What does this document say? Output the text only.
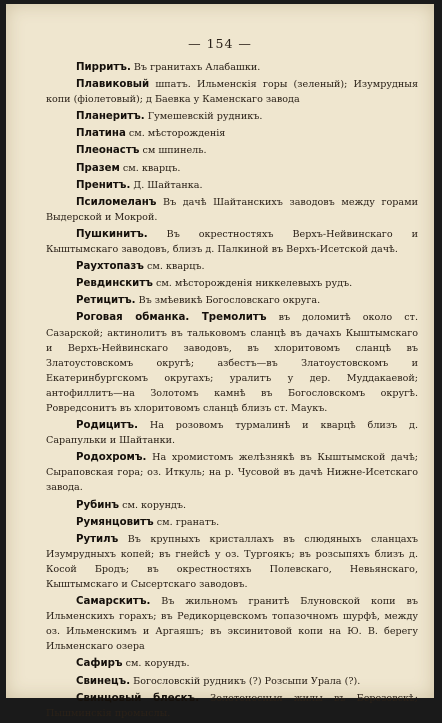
— 154 —

Пирритъ. Въ гранитахъ Алабашки.

Плавиковый шпатъ. Ильменскія горы (зеленый); Изумрудныя копи (фіолетовый); д Баевка у Каменскаго завода

Планеритъ. Гумешевскій рудникъ.

Платина см. мѣсторожденія

Плеонастъ см шпинель.

Празем см. кварцъ.

Пренитъ. Д. Шайтанка.

Псиломеланъ Въ дачѣ Шайтанскихъ заводовъ между горами Выдерской и Мокрой.

Пушкинитъ. Въ окрестностяхъ Верхъ-Нейвинскаго и Кыштымскаго заводовъ, близъ д. Палкиной въ Верхъ-Исетской дачѣ.

Раухтопазъ см. кварцъ.

Ревдинскитъ см. мѣсторожденія никкелевыхъ рудъ.

Ретицитъ. Въ змѣевикѣ Богословскаго округа.

Роговая обманка. Тремолитъ въ доломитѣ около ст. Сазарской; актинолитъ въ тальковомъ сланцѣ въ дачахъ Кыштымскаго и Верхъ-Нейвинскаго заводовъ, въ хлоритовомъ сланцѣ въ Златоустовскомъ округѣ; азбестъ—въ Златоустовскомъ и Екатеринбургскомъ округахъ; уралитъ у дер. Муддакаевой; антофиллитъ—на Золотомъ камнѣ въ Богословскомъ округѣ. Ровредсонитъ въ хлоритовомъ сланцѣ близъ ст. Маукъ.

Родицитъ. На розовомъ турмалинѣ и кварцѣ близъ д. Сарапульки и Шайтанки.

Родохромъ. На хромистомъ желѣзнякѣ въ Кыштымской дачѣ; Сыраповская гора; оз. Иткуль; на р. Чусовой въ дачѣ Нижне-Исетскаго завода.

Рубинъ см. корундъ.

Румянцовитъ см. гранатъ.

Рутилъ Въ крупныхъ кристаллахъ въ слюдяныхъ сланцахъ Изумрудныхъ копей; въ гнейсѣ у оз. Тургоякъ; въ розсыпяхъ близъ д. Косой Бродъ; въ окрестностяхъ Полевскаго, Невьянскаго, Кыштымскаго и Сысертскаго заводовъ.

Самарскитъ. Въ жильномъ гранитѣ Блуновской копи въ Ильменскихъ горахъ; въ Редикорцевскомъ топазочномъ шурфѣ, между оз. Ильменскимъ и Аргаяшъ; въ эксинитовой копи на Ю. В. берегу Ильменскаго озера

Сафиръ см. корундъ.

Свинецъ. Богословскій рудникъ (?) Розсыпи Урала (?).

Свинцовый блескъ. Золотоносныя жилы въ Березовскѣ; Пышминскія промыслы.
